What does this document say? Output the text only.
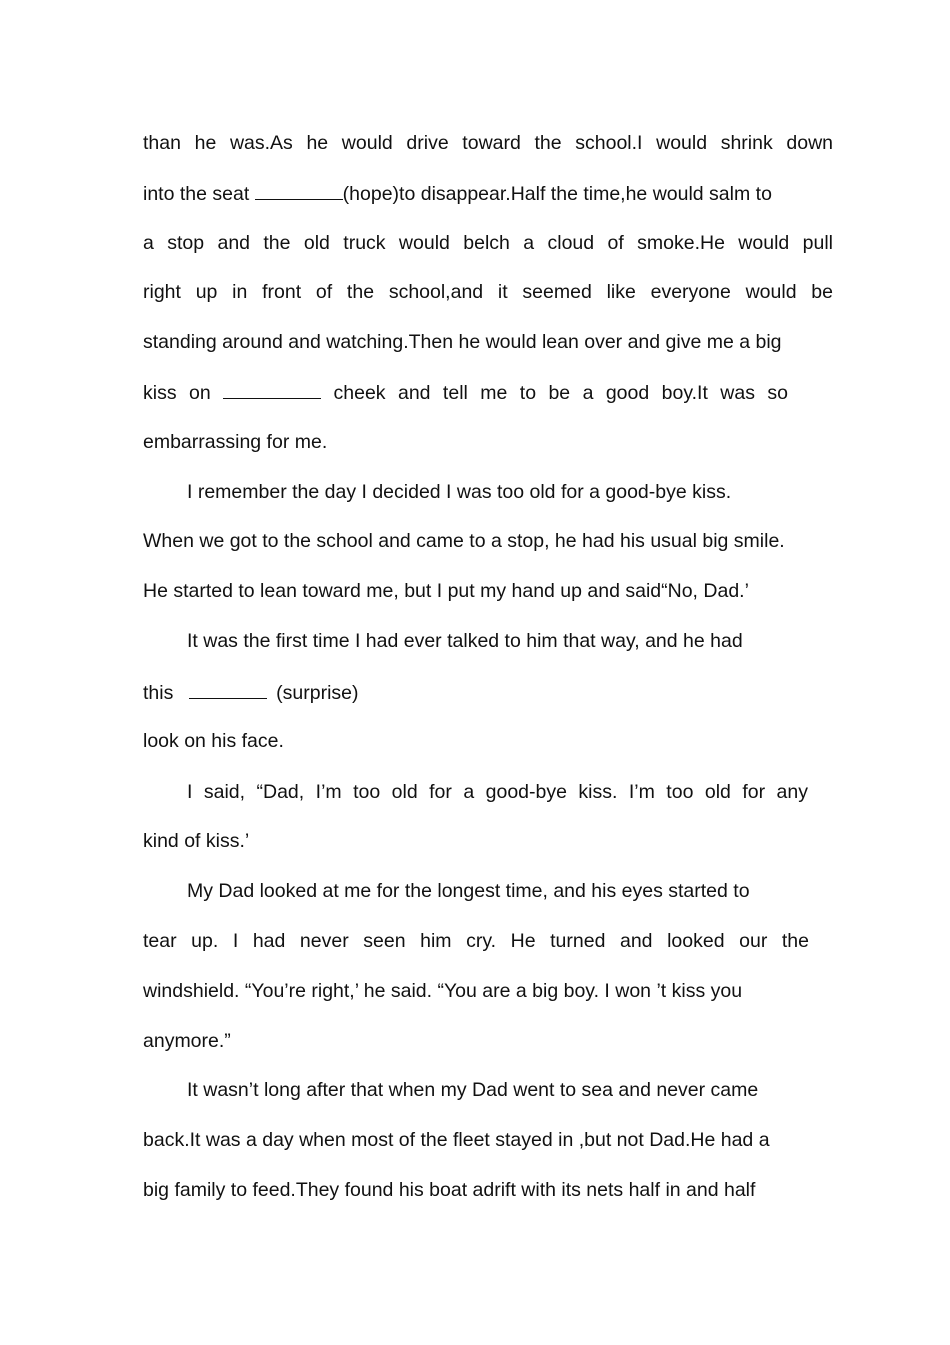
than he was.As he would drive toward the school.I would shrink down

into the seat	(hope)to disappear.Half the time,he would salm to

a stop and the old truck would belch a cloud of smoke.He would pull

right up in front of the school,and it seemed like everyone would be

standing around and watching.Then he would lean over and give me a big

kiss on	cheek and tell me to be a good boy.It was so

embarrassing for me.

I remember the day I decided I was too old for a good-bye kiss.

When we got to the school and came to a stop, he had his usual big smile.

He started to lean toward me, but I put my hand up and said“No, Dad.’

It was the first time I had ever talked to him that way, and he had

this	(surprise)

look on his face.

I said, “Dad, I’m too old for a good-bye kiss. I’m too old for any

kind of kiss.’

My Dad looked at me for the longest time, and his eyes started to

tear up. I had never seen him cry. He turned and looked our the

windshield. “You’re right,’ he said. “You are a big boy. I won ’t kiss you

anymore.”

It wasn’t long after that when my Dad went to sea and never came

back.It was a day when most of the fleet stayed in ,but not Dad.He had a

big family to feed.They found his boat adrift with its nets half in and half
